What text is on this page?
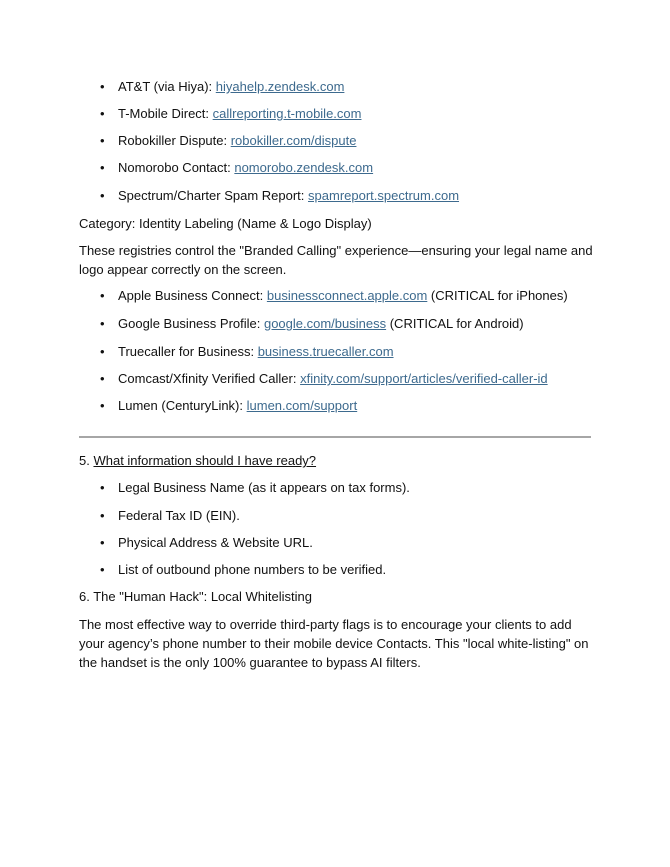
• AT&T (via Hiya): hiyahelp.zendesk.com
• T-Mobile Direct: callreporting.t-mobile.com
• Robokiller Dispute: robokiller.com/dispute
• Nomorobo Contact: nomorobo.zendesk.com
• Spectrum/Charter Spam Report: spamreport.spectrum.com
Category: Identity Labeling (Name & Logo Display)

These registries control the "Branded Calling" experience—ensuring your legal name and logo appear correctly on the screen.

• Apple Business Connect: businessconnect.apple.com (CRITICAL for iPhones)
• Google Business Profile: google.com/business (CRITICAL for Android)
• Truecaller for Business: business.truecaller.com
• Comcast/Xfinity Verified Caller: xfinity.com/support/articles/verified-caller-id
• Lumen (CenturyLink): lumen.com/support
5. What information should I have ready?
• Legal Business Name (as it appears on tax forms).
• Federal Tax ID (EIN).
• Physical Address & Website URL.
• List of outbound phone numbers to be verified.
6. The "Human Hack": Local Whitelisting

The most effective way to override third-party flags is to encourage your clients to add your agency’s phone number to their mobile device Contacts. This "local white-listing" on the handset is the only 100% guarantee to bypass AI filters.
